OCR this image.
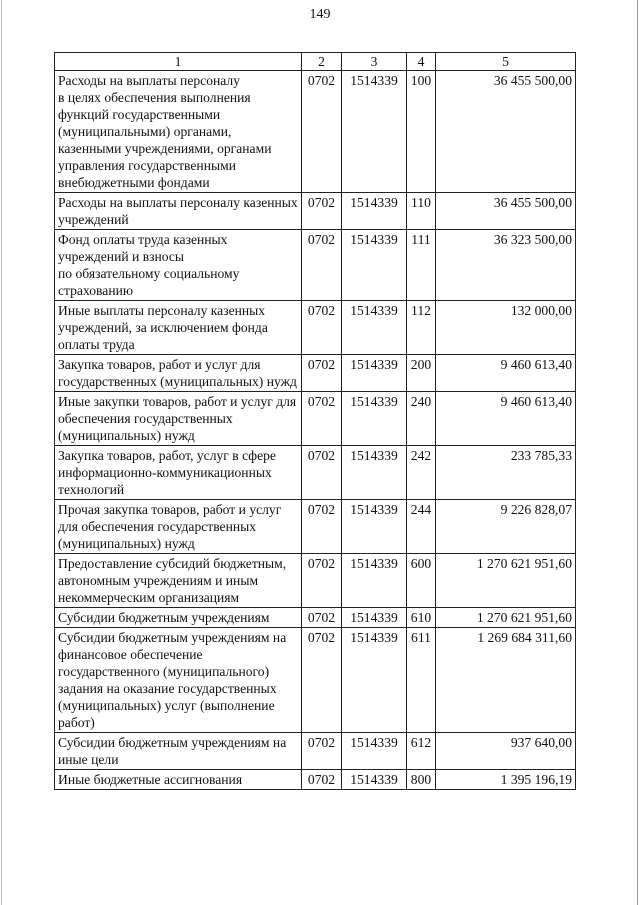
149
1	2	3	4	5
Расходы на выплаты персоналу
в целях обеспечения выполнения функций государственными (муниципальными) органами, казенными учреждениями, органами управления государственными внебюджетными фондами	0702	1514339	100	36 455 500,00
Расходы на выплаты персоналу казенных учреждений	0702	1514339	110	36 455 500,00
Фонд оплаты труда казенных учреждений и взносы
по обязательному социальному страхованию	0702	1514339	111	36 323 500,00
Иные выплаты персоналу казенных учреждений, за исключением фонда оплаты труда	0702	1514339	112	132 000,00
Закупка товаров, работ и услуг для государственных (муниципальных) нужд	0702	1514339	200	9 460 613,40
Иные закупки товаров, работ и услуг для обеспечения государственных (муниципальных) нужд	0702	1514339	240	9 460 613,40
Закупка товаров, работ, услуг в сфере информационно-коммуникационных технологий	0702	1514339	242	233 785,33
Прочая закупка товаров, работ и услуг для обеспечения государственных (муниципальных) нужд	0702	1514339	244	9 226 828,07
Предоставление субсидий бюджетным, автономным учреждениям и иным некоммерческим организациям	0702	1514339	600	1 270 621 951,60
Субсидии бюджетным учреждениям	0702	1514339	610	1 270 621 951,60
Субсидии бюджетным учреждениям на финансовое обеспечение государственного (муниципального) задания на оказание государственных (муниципальных) услуг (выполнение работ)	0702	1514339	611	1 269 684 311,60
Субсидии бюджетным учреждениям на иные цели	0702	1514339	612	937 640,00
Иные бюджетные ассигнования	0702	1514339	800	1 395 196,19
